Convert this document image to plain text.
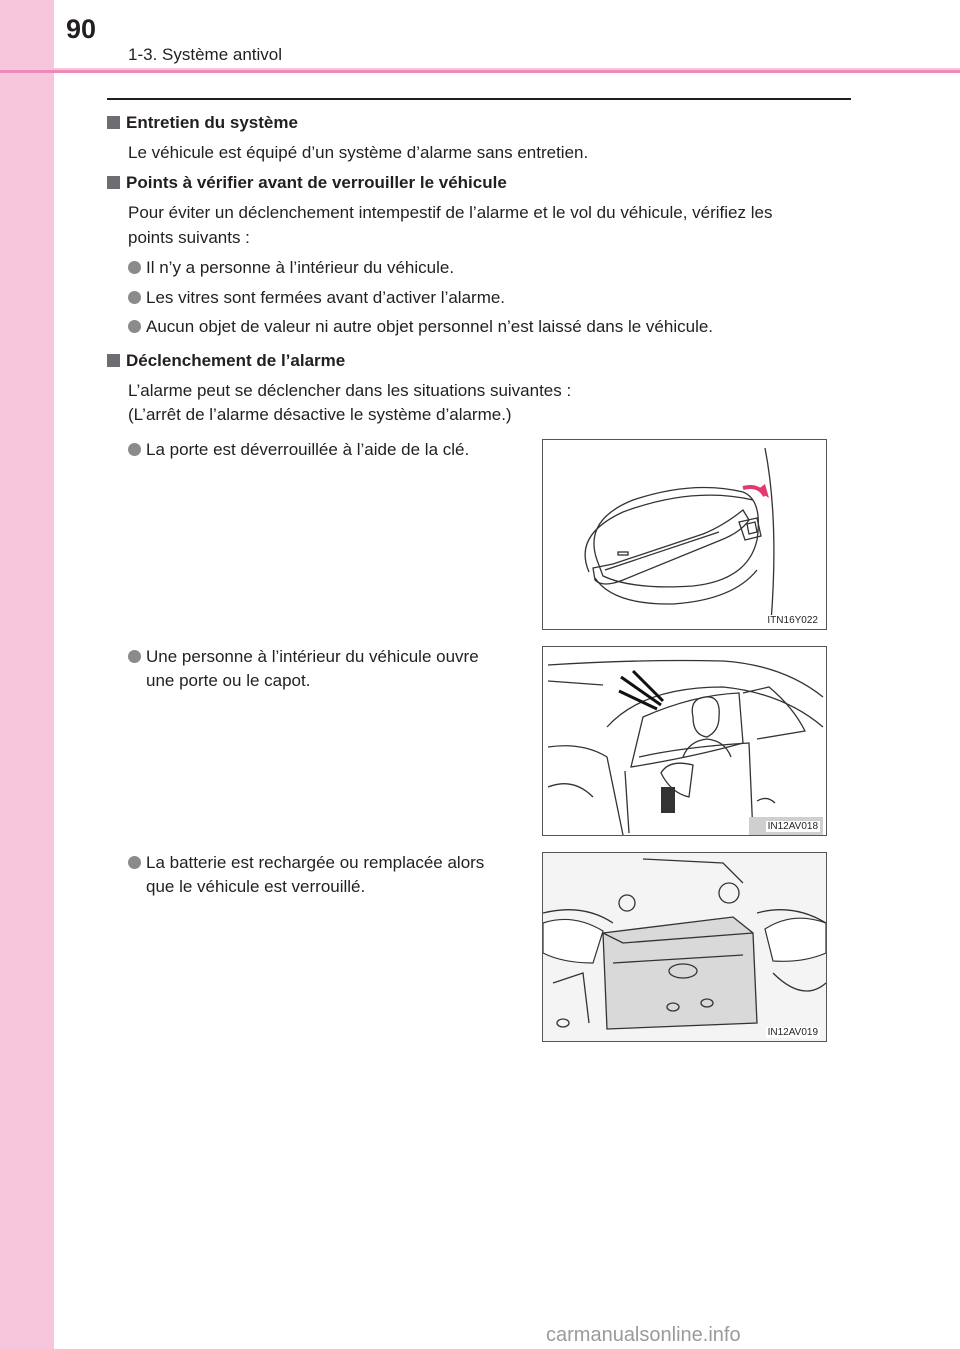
90
1-3. Système antivol
Entretien du système
Le véhicule est équipé d’un système d’alarme sans entretien.
Points à vérifier avant de verrouiller le véhicule
Pour éviter un déclenchement intempestif de l’alarme et le vol du véhicule, vérifiez les
points suivants :
Il n’y a personne à l’intérieur du véhicule.
Les vitres sont fermées avant d’activer l’alarme.
Aucun objet de valeur ni autre objet personnel n’est laissé dans le véhicule.
Déclenchement de l’alarme
L’alarme peut se déclencher dans les situations suivantes :
(L’arrêt de l’alarme désactive le système d’alarme.)
La porte est déverrouillée à l’aide de la clé.
Une personne à l’intérieur du véhicule ouvre
une porte ou le capot.
La batterie est rechargée ou remplacée alors
que le véhicule est verrouillé.
ITN16Y022
IN12AV018
IN12AV019
carmanualsonline.info
